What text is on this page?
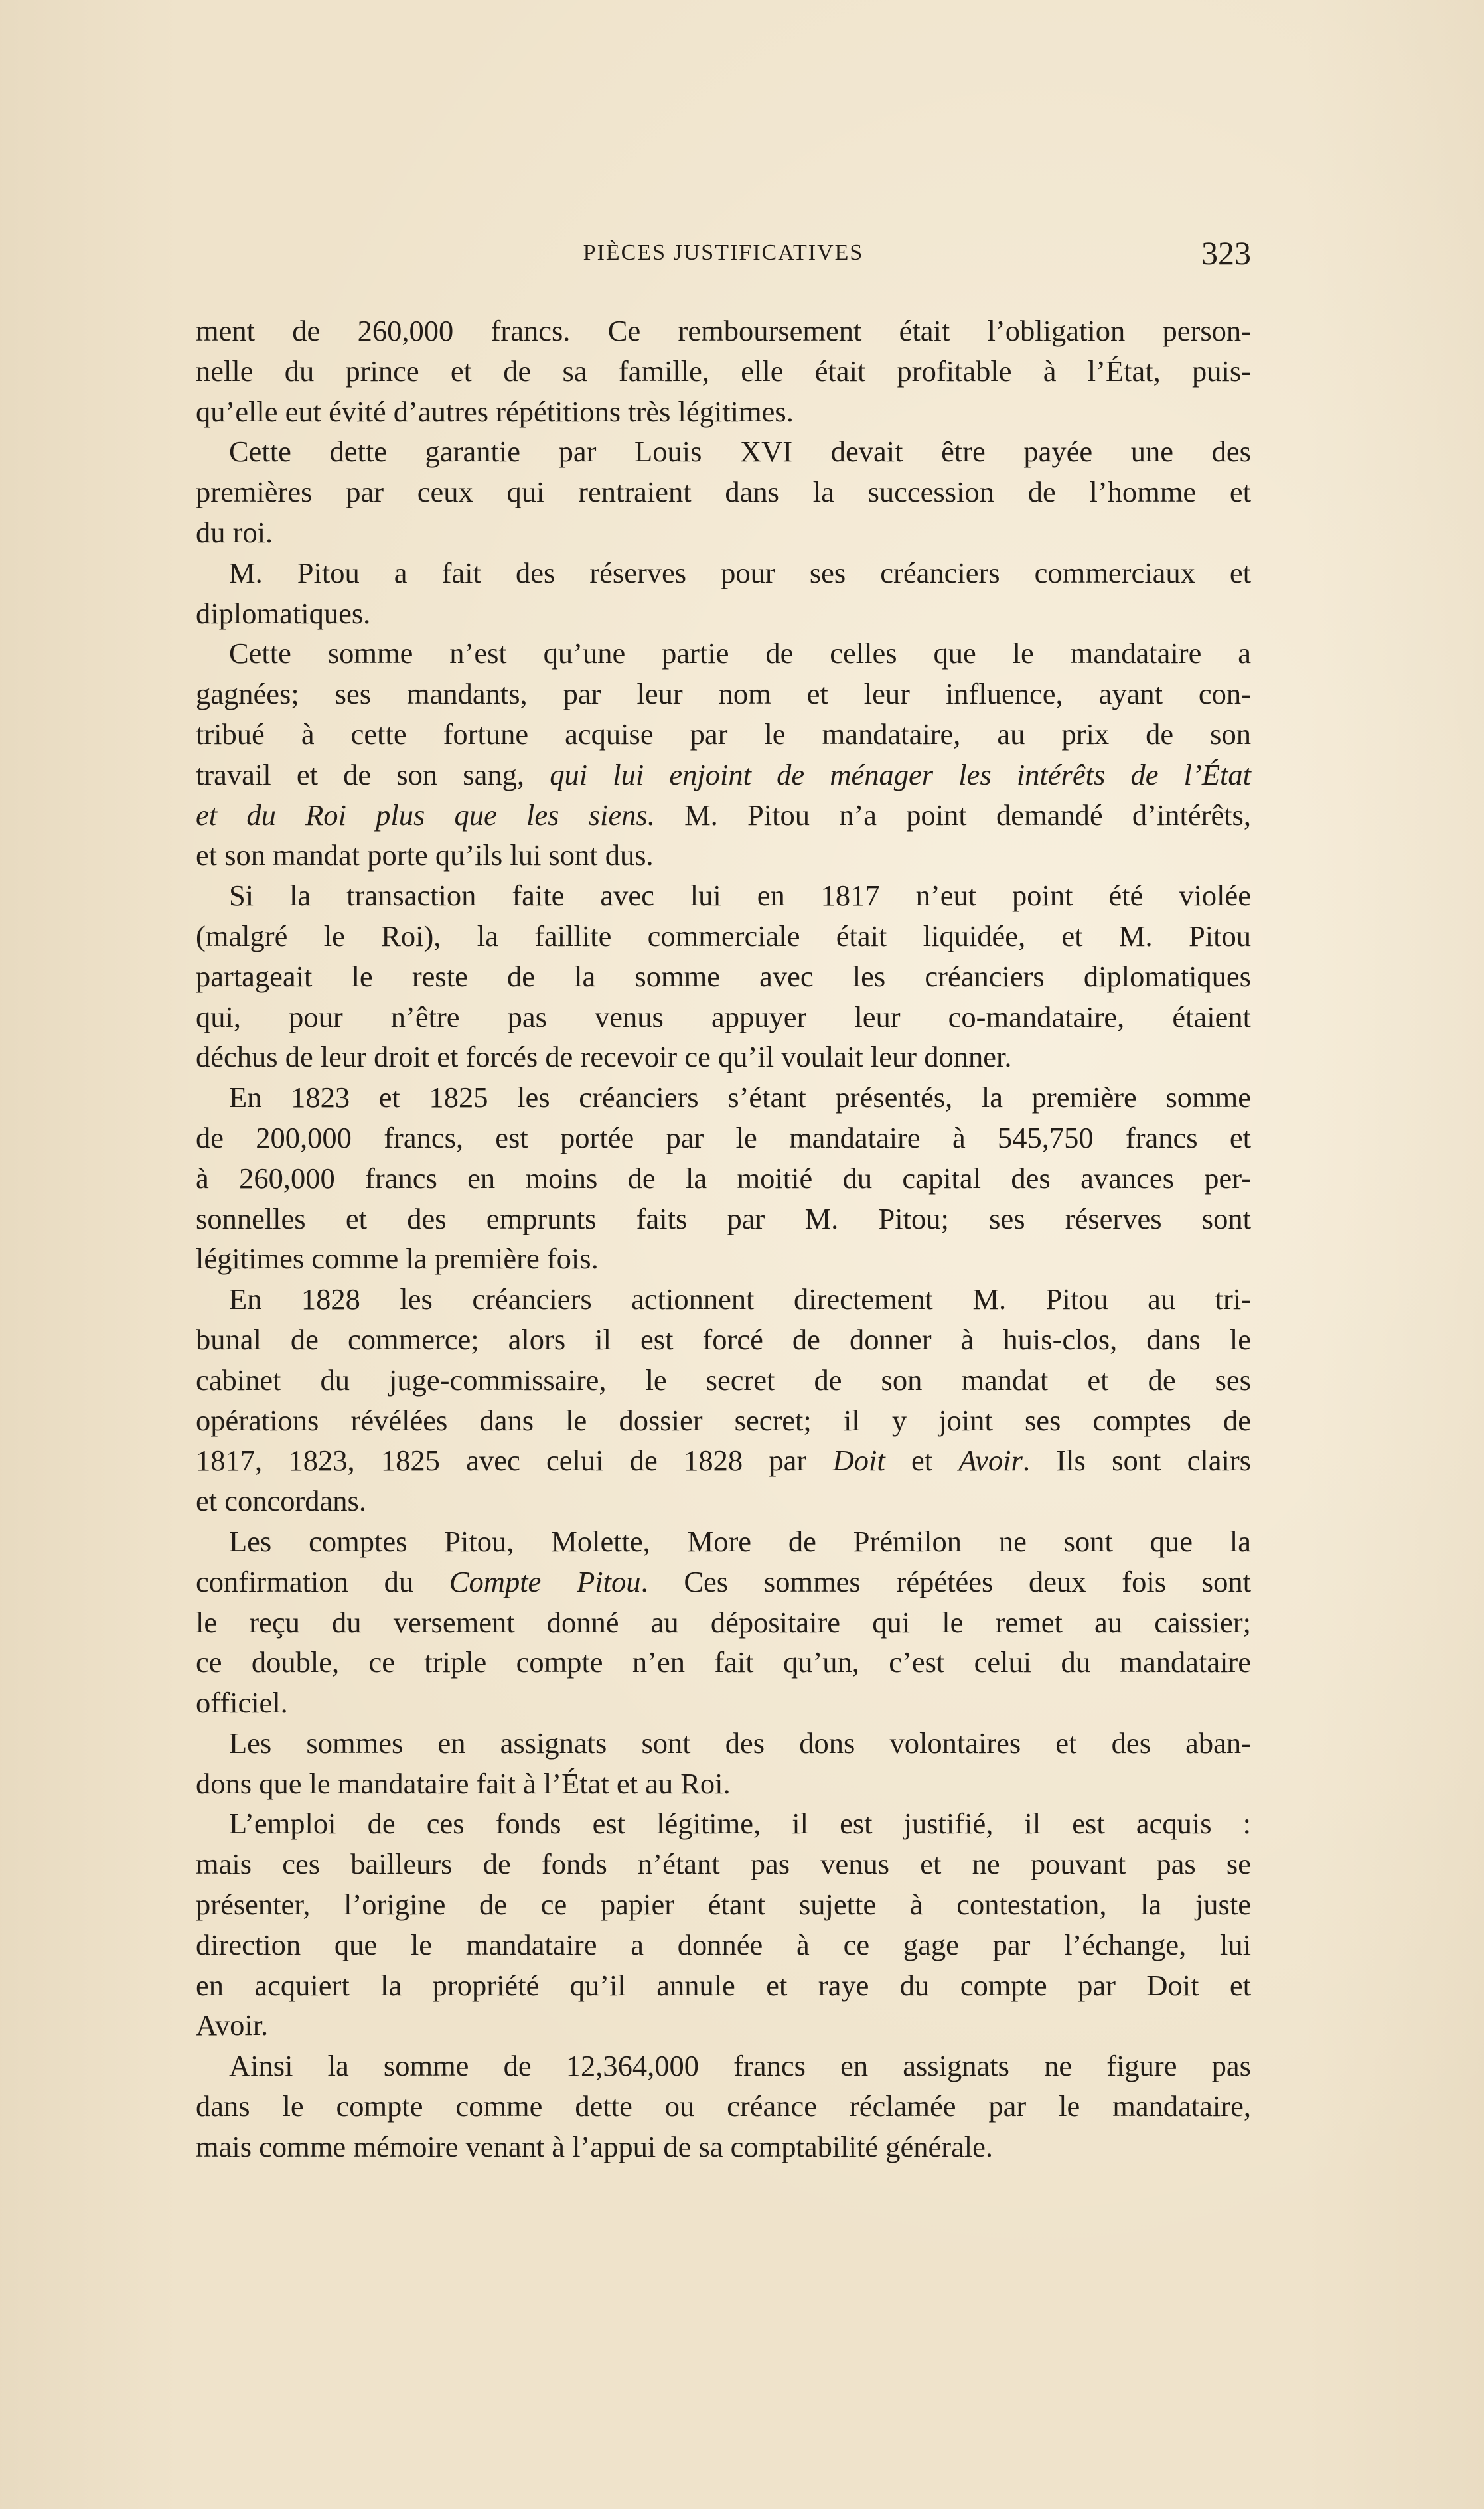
PIÈCES JUSTIFICATIVES	323
ment de 260,000 francs. Ce remboursement était l’obligation person-
nelle du prince et de sa famille, elle était profitable à l’État, puis-
qu’elle eut évité d’autres répétitions très légitimes.
Cette dette garantie par Louis XVI devait être payée une des
premières par ceux qui rentraient dans la succession de l’homme et
du roi.
M. Pitou a fait des réserves pour ses créanciers commerciaux et
diplomatiques.
Cette somme n’est qu’une partie de celles que le mandataire a
gagnées; ses mandants, par leur nom et leur influence, ayant con-
tribué à cette fortune acquise par le mandataire, au prix de son
travail et de son sang, qui lui enjoint de ménager les intérêts de l’État
et du Roi plus que les siens. M. Pitou n’a point demandé d’intérêts,
et son mandat porte qu’ils lui sont dus.
Si la transaction faite avec lui en 1817 n’eut point été violée
(malgré le Roi), la faillite commerciale était liquidée, et M. Pitou
partageait le reste de la somme avec les créanciers diplomatiques
qui, pour n’être pas venus appuyer leur co-mandataire, étaient
déchus de leur droit et forcés de recevoir ce qu’il voulait leur donner.
En 1823 et 1825 les créanciers s’étant présentés, la première somme
de 200,000 francs, est portée par le mandataire à 545,750 francs et
à 260,000 francs en moins de la moitié du capital des avances per-
sonnelles et des emprunts faits par M. Pitou; ses réserves sont
légitimes comme la première fois.
En 1828 les créanciers actionnent directement M. Pitou au tri-
bunal de commerce; alors il est forcé de donner à huis-clos, dans le
cabinet du juge-commissaire, le secret de son mandat et de ses
opérations révélées dans le dossier secret; il y joint ses comptes de
1817, 1823, 1825 avec celui de 1828 par Doit et Avoir. Ils sont clairs
et concordans.
Les comptes Pitou, Molette, More de Prémilon ne sont que la
confirmation du Compte Pitou. Ces sommes répétées deux fois sont
le reçu du versement donné au dépositaire qui le remet au caissier;
ce double, ce triple compte n’en fait qu’un, c’est celui du mandataire
officiel.
Les sommes en assignats sont des dons volontaires et des aban-
dons que le mandataire fait à l’État et au Roi.
L’emploi de ces fonds est légitime, il est justifié, il est acquis :
mais ces bailleurs de fonds n’étant pas venus et ne pouvant pas se
présenter, l’origine de ce papier étant sujette à contestation, la juste
direction que le mandataire a donnée à ce gage par l’échange, lui
en acquiert la propriété qu’il annule et raye du compte par Doit et
Avoir.
Ainsi la somme de 12,364,000 francs en assignats ne figure pas
dans le compte comme dette ou créance réclamée par le mandataire,
mais comme mémoire venant à l’appui de sa comptabilité générale.
